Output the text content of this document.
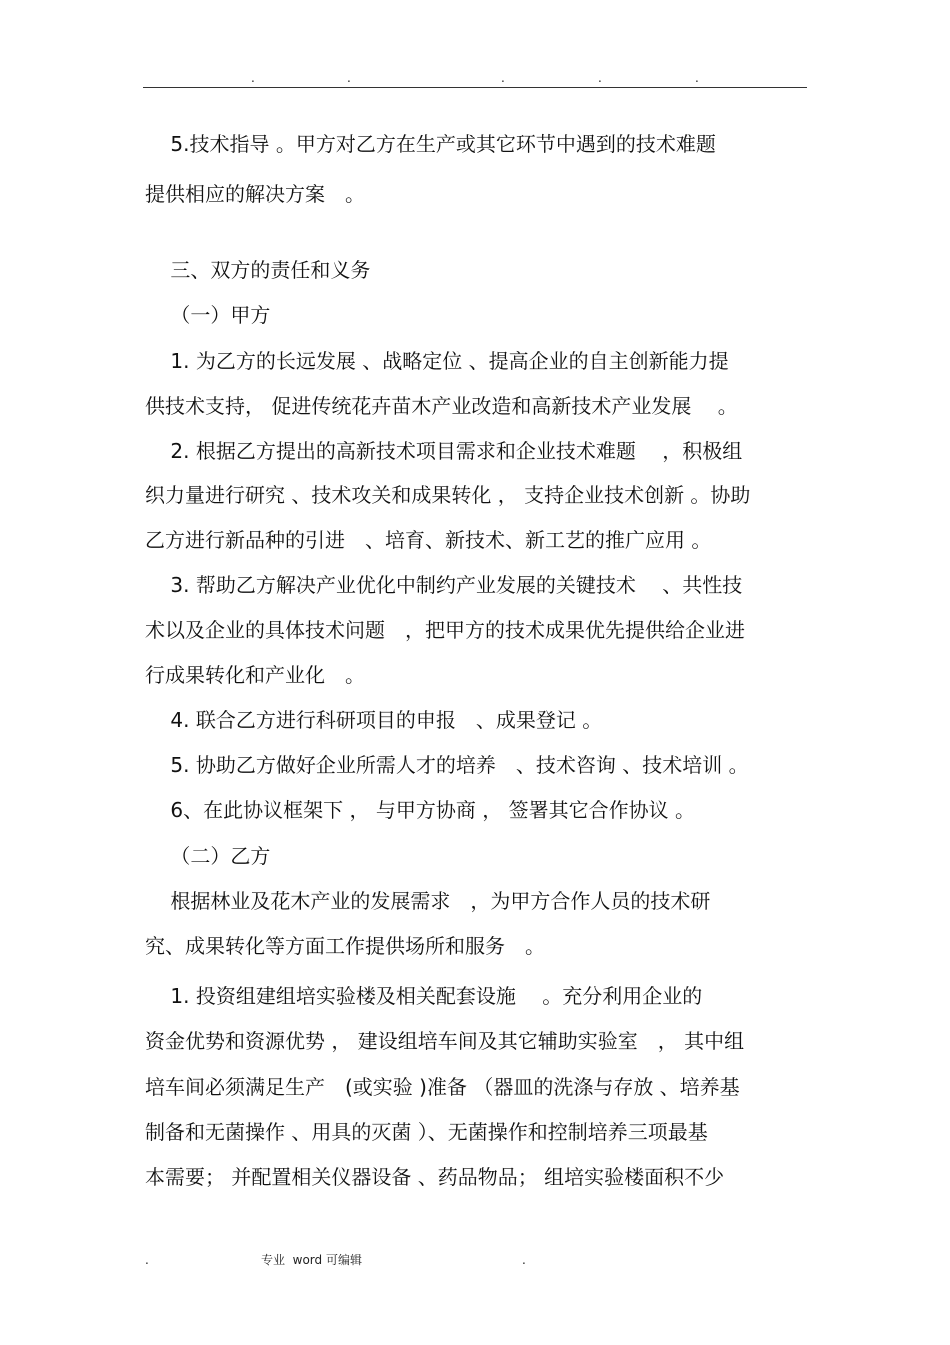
.	.	.	.	.
5.技术指导 。甲方对乙方在生产或其它环节中遇到的技术难题
提供相应的解决方案　。
三、双方的责任和义务
（一）甲方
1. 为乙方的长远发展 、战略定位 、提高企业的自主创新能力提
供技术支持， 促进传统花卉苗木产业改造和高新技术产业发展　 。
2. 根据乙方提出的高新技术项目需求和企业技术难题　 ，积极组
织力量进行研究 、技术攻关和成果转化 ， 支持企业技术创新 。协助
乙方进行新品种的引进　、培育、新技术、新工艺的推广应用 。
3. 帮助乙方解决产业优化中制约产业发展的关键技术　 、共性技
术以及企业的具体技术问题　，把甲方的技术成果优先提供给企业进
行成果转化和产业化　。
4. 联合乙方进行科研项目的申报　、成果登记 。
5. 协助乙方做好企业所需人才的培养　、技术咨询 、技术培训 。
6、在此协议框架下 ， 与甲方协商 ， 签署其它合作协议 。
（二）乙方
根据林业及花木产业的发展需求　，为甲方合作人员的技术研
究、成果转化等方面工作提供场所和服务　。
1. 投资组建组培实验楼及相关配套设施　 。充分利用企业的
资金优势和资源优势 ， 建设组培车间及其它辅助实验室　， 其中组
培车间必须满足生产　(或实验 )准备 （器皿的洗涤与存放 、培养基
制备和无菌操作 、用具的灭菌 ）、无菌操作和控制培养三项最基
本需要； 并配置相关仪器设备 、药品物品； 组培实验楼面积不少
.	专业  word 可编辑	.
